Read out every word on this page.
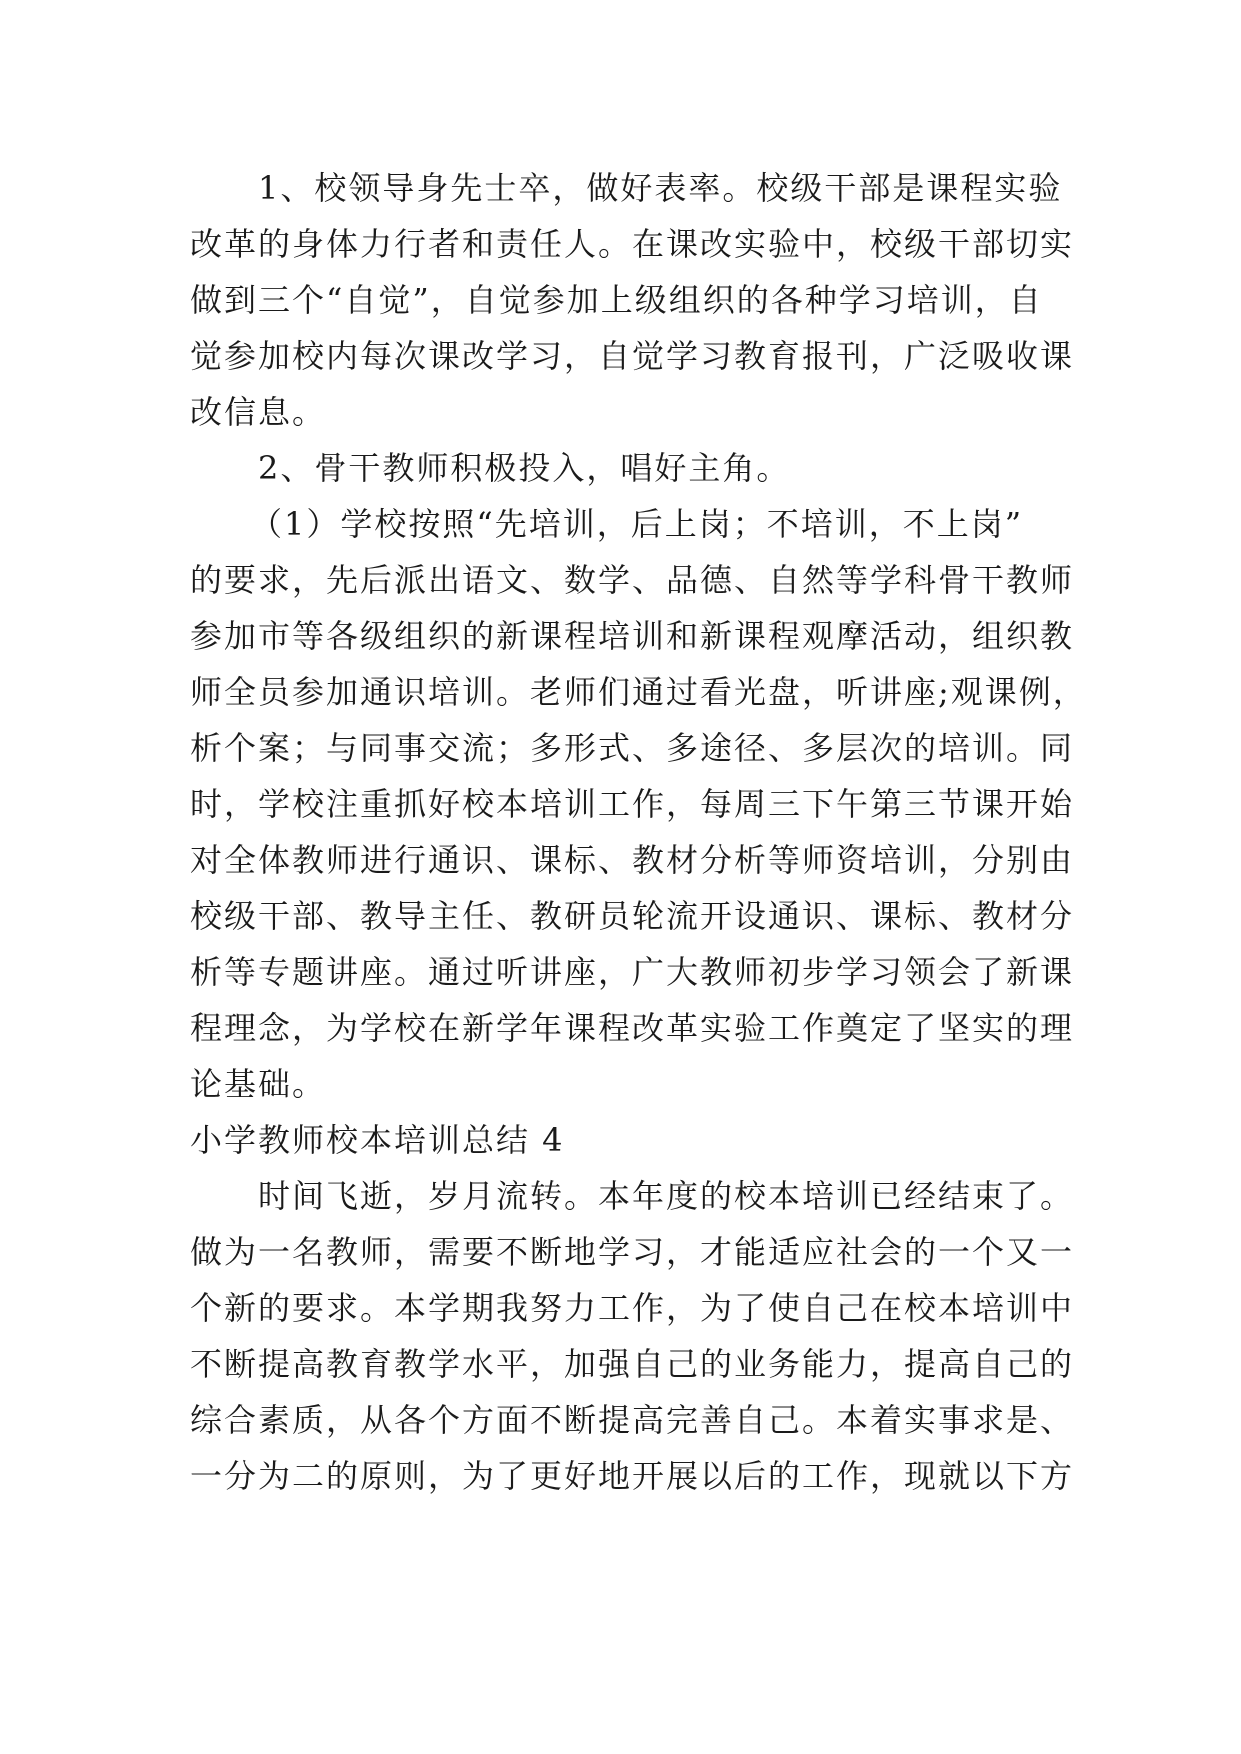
1、校领导身先士卒，做好表率。校级干部是课程实验
改革的身体力行者和责任人。在课改实验中，校级干部切实
做到三个“自觉”，自觉参加上级组织的各种学习培训，自
觉参加校内每次课改学习，自觉学习教育报刊，广泛吸收课
改信息。
2、骨干教师积极投入，唱好主角。
（1）学校按照“先培训，后上岗；不培训，不上岗”
的要求，先后派出语文、数学、品德、自然等学科骨干教师
参加市等各级组织的新课程培训和新课程观摩活动，组织教
师全员参加通识培训。老师们通过看光盘，听讲座;观课例，
析个案；与同事交流；多形式、多途径、多层次的培训。同
时，学校注重抓好校本培训工作，每周三下午第三节课开始
对全体教师进行通识、课标、教材分析等师资培训，分别由
校级干部、教导主任、教研员轮流开设通识、课标、教材分
析等专题讲座。通过听讲座，广大教师初步学习领会了新课
程理念，为学校在新学年课程改革实验工作奠定了坚实的理
论基础。
小学教师校本培训总结 4
时间飞逝，岁月流转。本年度的校本培训已经结束了。
做为一名教师，需要不断地学习，才能适应社会的一个又一
个新的要求。本学期我努力工作，为了使自己在校本培训中
不断提高教育教学水平，加强自己的业务能力，提高自己的
综合素质，从各个方面不断提高完善自己。本着实事求是、
一分为二的原则，为了更好地开展以后的工作，现就以下方
